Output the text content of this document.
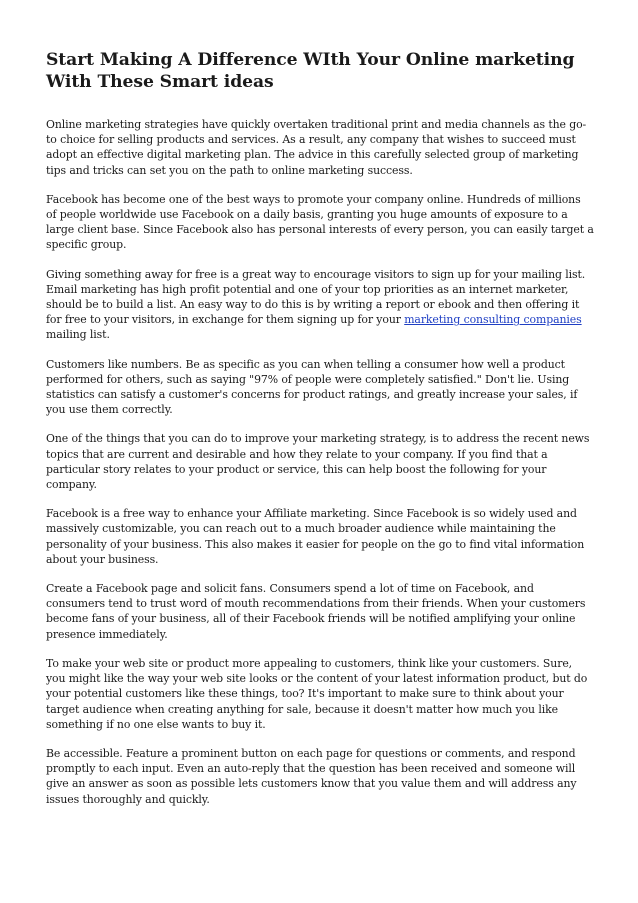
Start Making A Difference WIth Your Online marketing With These Smart ideas

Online marketing strategies have quickly overtaken traditional print and media channels as the go-to choice for selling products and services. As a result, any company that wishes to succeed must adopt an effective digital marketing plan. The advice in this carefully selected group of marketing tips and tricks can set you on the path to online marketing success.

Facebook has become one of the best ways to promote your company online. Hundreds of millions of people worldwide use Facebook on a daily basis, granting you huge amounts of exposure to a large client base. Since Facebook also has personal interests of every person, you can easily target a specific group.

Giving something away for free is a great way to encourage visitors to sign up for your mailing list. Email marketing has high profit potential and one of your top priorities as an internet marketer, should be to build a list. An easy way to do this is by writing a report or ebook and then offering it for free to your visitors, in exchange for them signing up for your marketing consulting companies mailing list.

Customers like numbers. Be as specific as you can when telling a consumer how well a product performed for others, such as saying "97% of people were completely satisfied." Don't lie. Using statistics can satisfy a customer's concerns for product ratings, and greatly increase your sales, if you use them correctly.

One of the things that you can do to improve your marketing strategy, is to address the recent news topics that are current and desirable and how they relate to your company. If you find that a particular story relates to your product or service, this can help boost the following for your company.

Facebook is a free way to enhance your Affiliate marketing. Since Facebook is so widely used and massively customizable, you can reach out to a much broader audience while maintaining the personality of your business. This also makes it easier for people on the go to find vital information about your business.

Create a Facebook page and solicit fans. Consumers spend a lot of time on Facebook, and consumers tend to trust word of mouth recommendations from their friends. When your customers become fans of your business, all of their Facebook friends will be notified amplifying your online presence immediately.

To make your web site or product more appealing to customers, think like your customers. Sure, you might like the way your web site looks or the content of your latest information product, but do your potential customers like these things, too? It's important to make sure to think about your target audience when creating anything for sale, because it doesn't matter how much you like something if no one else wants to buy it.

Be accessible. Feature a prominent button on each page for questions or comments, and respond promptly to each input. Even an auto-reply that the question has been received and someone will give an answer as soon as possible lets customers know that you value them and will address any issues thoroughly and quickly.
